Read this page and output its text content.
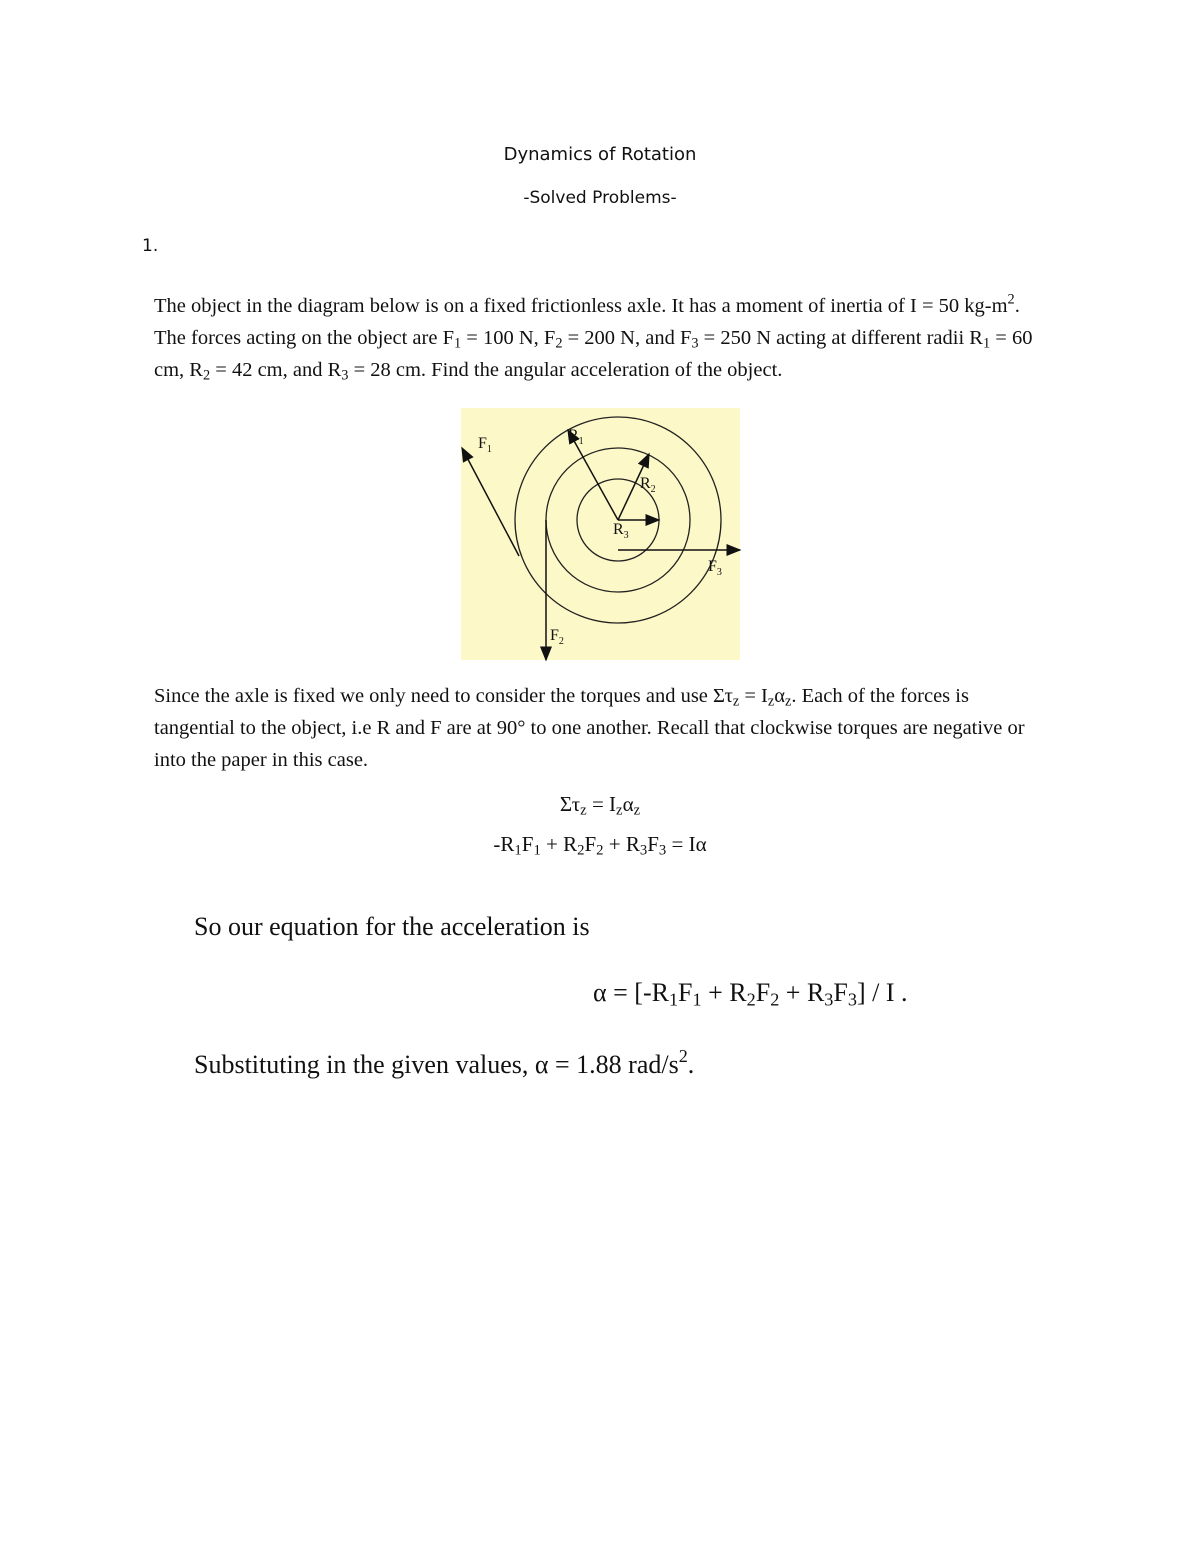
Dynamics of Rotation
-Solved Problems-
1.
The object in the diagram below is on a fixed frictionless axle. It has a moment of inertia of I = 50 $kg-m^2$. The forces acting on the object are $F_1 = 100$ N, $F_2 = 200$ N, and $F_3 = 250$ N acting at different radii $R_1 = 60$ cm, $R_2 = 42$ cm, and $R_3 = 28$ cm. Find the angular acceleration of the object.
$F_1$
$R_1$
$R_2$
$R_3$
$F_3$
$F_2$
Since the axle is fixed we only need to consider the torques and use $\Sigma\tau_z = I_z\alpha_z$. Each of the forces is tangential to the object, i.e R and F are at 90° to one another. Recall that clockwise torques are negative or into the paper in this case.
$\Sigma\tau_z = I_z\alpha_z$
$-R_1F_1 + R_2F_2 + R_3F_3 = I\alpha$
So our equation for the acceleration is
$\alpha = [-R_1F_1 + R_2F_2 + R_3F_3] / I$ .
Substituting in the given values, α = 1.88 rad/$s^2$.
